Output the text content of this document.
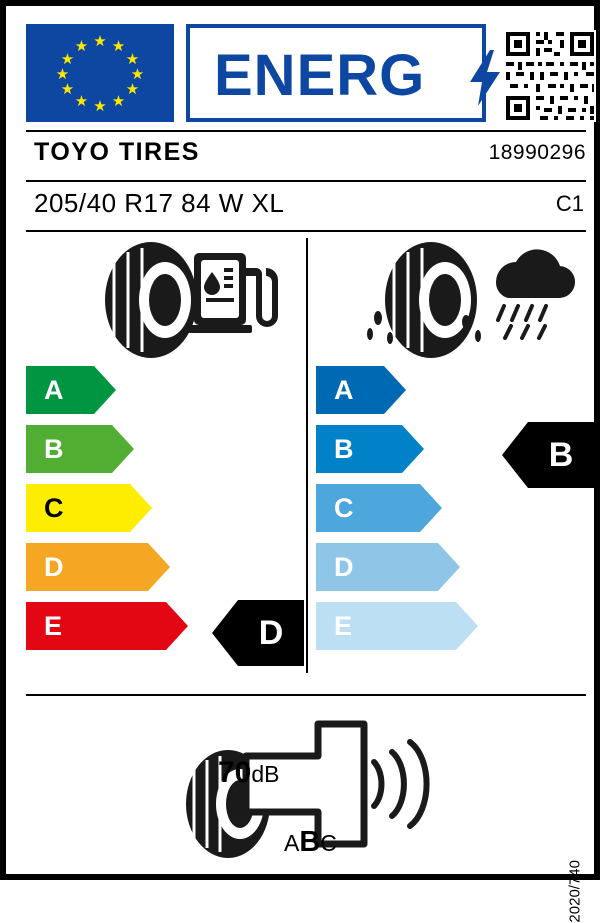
★
★ ★
★	★
★	★
★	★
★ ★
★ ENERG
TOYO TIRES	18990296
205/40 R17 84 W XL	C1
A
B
C
D
E	D
A
B
C
D
E
B
70dB
ABC
2020/740
